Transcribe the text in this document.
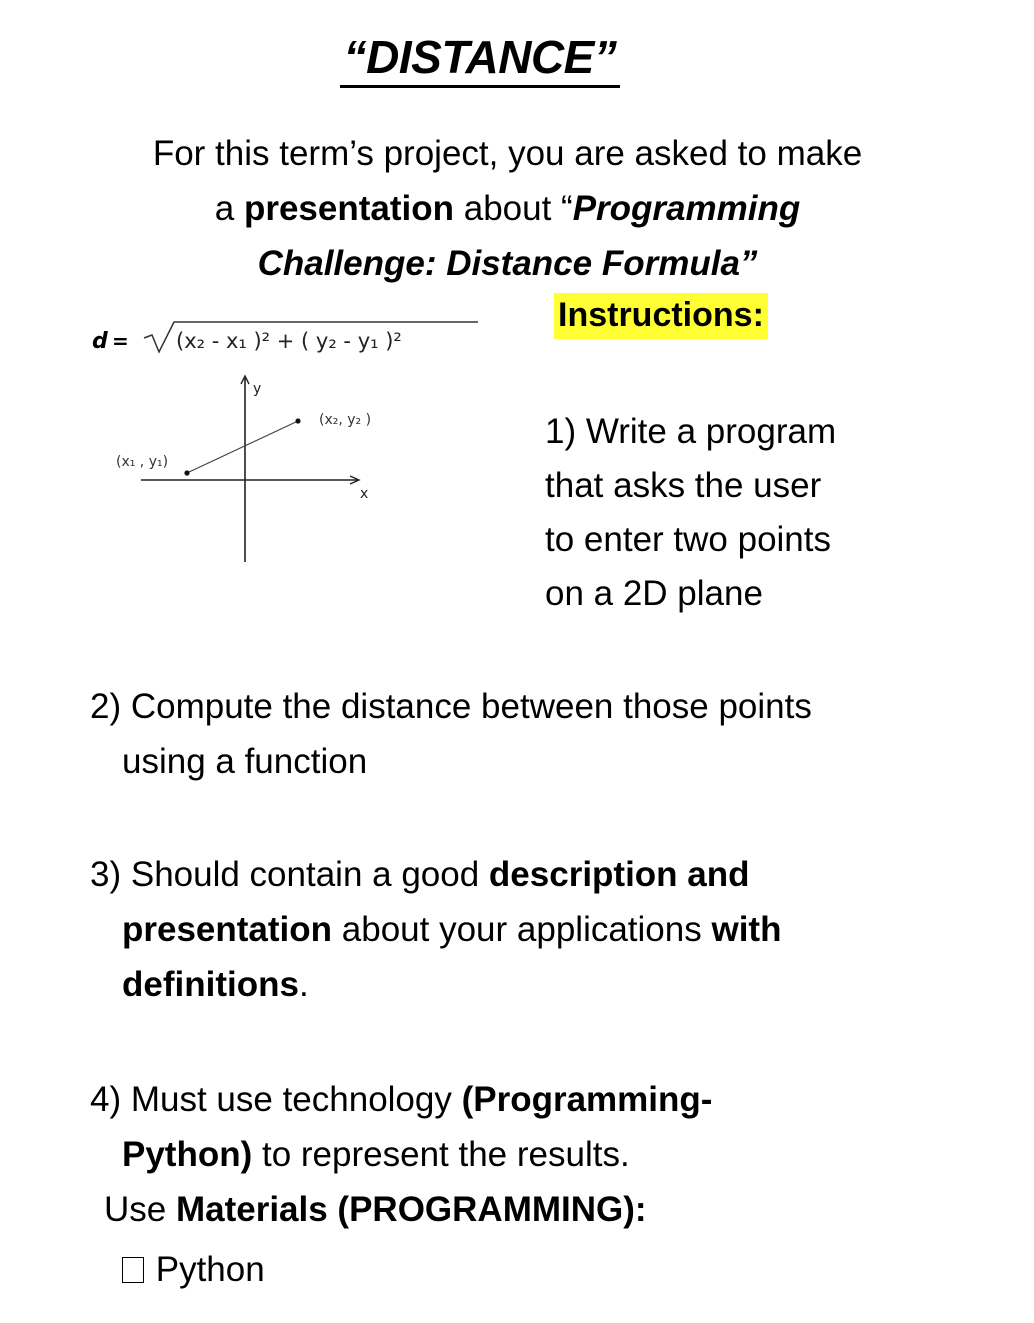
“DISTANCE”
For this term’s project, you are asked to make
a presentation about “Programming
Challenge: Distance Formula”
Instructions:
d = (x₂ - x₁ )² + ( y₂ - y₁ )²
y
x
(x₁ , y₁)
(x₂, y₂ )	1) Write a program
that asks the user
to enter two points
on a 2D plane
2) Compute the distance between those points
using a function
3) Should contain a good description and
presentation about your applications with
definitions.
4) Must use technology (Programming-
Python) to represent the results.
Use Materials (PROGRAMMING):
Python
